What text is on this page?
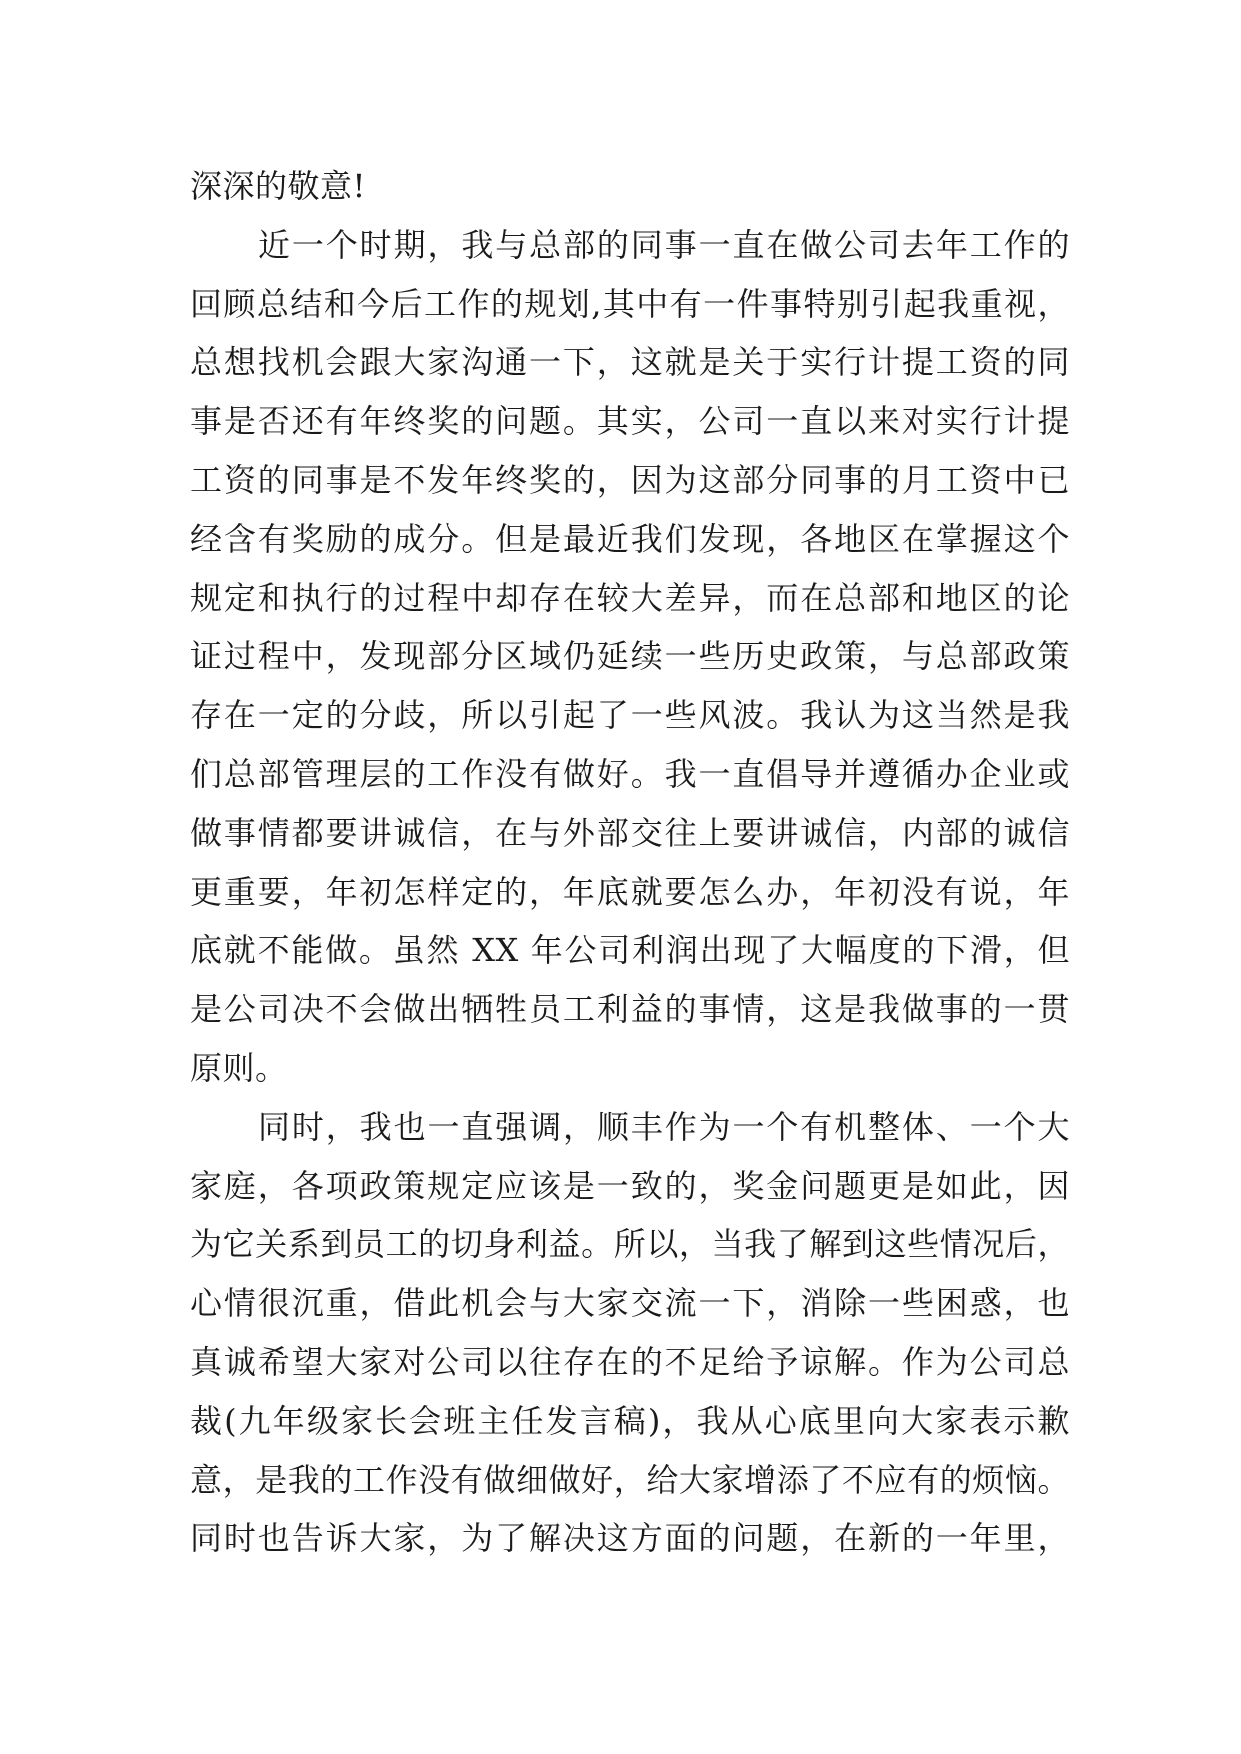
深深的敬意!
近一个时期，我与总部的同事一直在做公司去年工作的
回顾总结和今后工作的规划,其中有一件事特别引起我重视，
总想找机会跟大家沟通一下，这就是关于实行计提工资的同
事是否还有年终奖的问题。其实，公司一直以来对实行计提
工资的同事是不发年终奖的，因为这部分同事的月工资中已
经含有奖励的成分。但是最近我们发现，各地区在掌握这个
规定和执行的过程中却存在较大差异，而在总部和地区的论
证过程中，发现部分区域仍延续一些历史政策，与总部政策
存在一定的分歧，所以引起了一些风波。我认为这当然是我
们总部管理层的工作没有做好。我一直倡导并遵循办企业或
做事情都要讲诚信，在与外部交往上要讲诚信，内部的诚信
更重要，年初怎样定的，年底就要怎么办，年初没有说，年
底就不能做。虽然 XX 年公司利润出现了大幅度的下滑，但
是公司决不会做出牺牲员工利益的事情，这是我做事的一贯
原则。
同时，我也一直强调，顺丰作为一个有机整体、一个大
家庭，各项政策规定应该是一致的，奖金问题更是如此，因
为它关系到员工的切身利益。所以，当我了解到这些情况后，
心情很沉重，借此机会与大家交流一下，消除一些困惑，也
真诚希望大家对公司以往存在的不足给予谅解。作为公司总
裁(九年级家长会班主任发言稿)，我从心底里向大家表示歉
意，是我的工作没有做细做好，给大家增添了不应有的烦恼。
同时也告诉大家，为了解决这方面的问题，在新的一年里，
